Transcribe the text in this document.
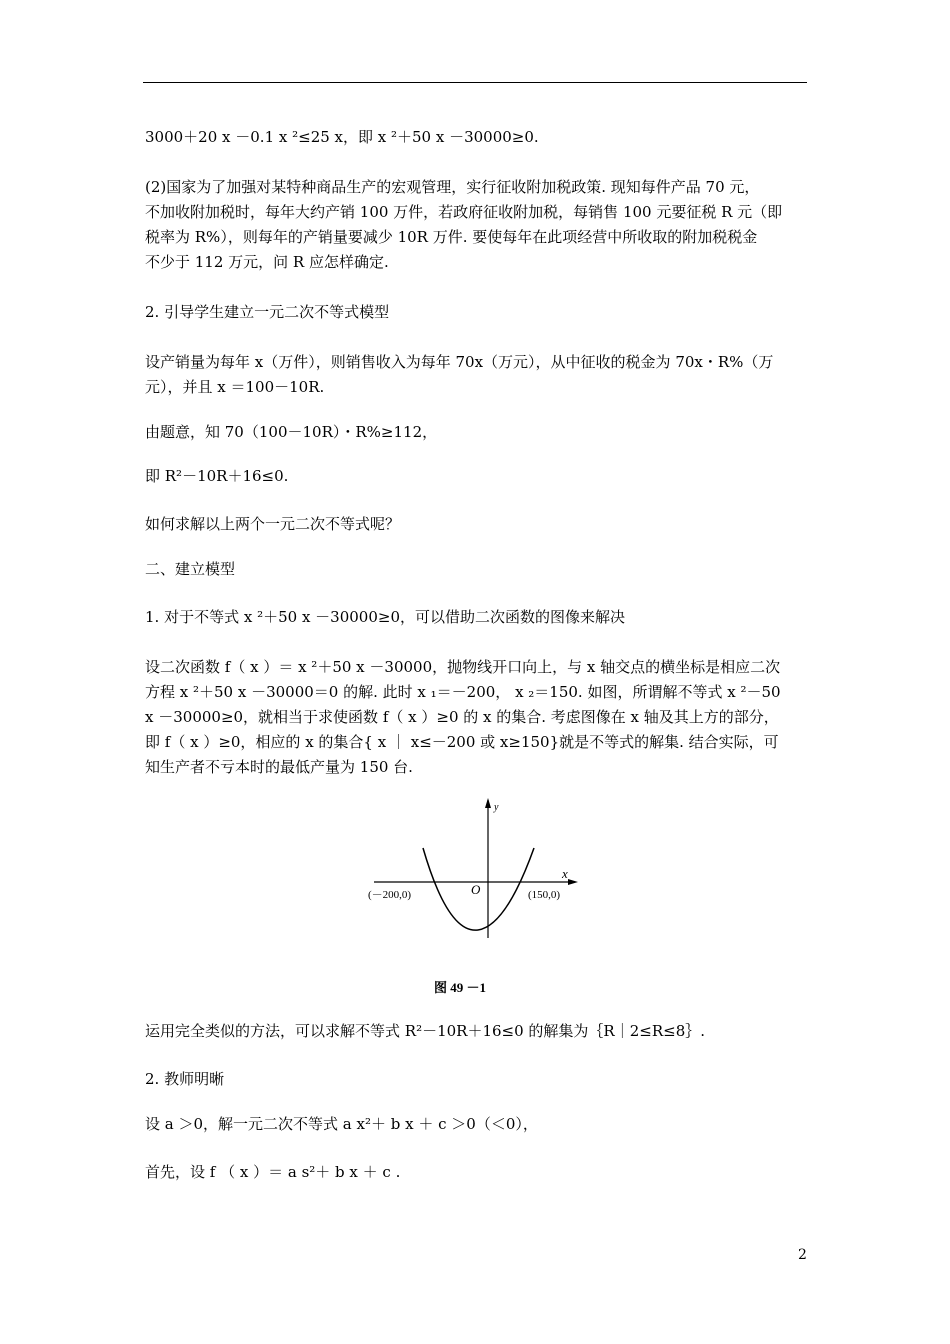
3000＋20 x －0.1 x ²≤25 x，即 x ²＋50 x －30000≥0.
(2)国家为了加强对某特种商品生产的宏观管理，实行征收附加税政策. 现知每件产品 70 元，
不加收附加税时，每年大约产销 100 万件，若政府征收附加税，每销售 100 元要征税 R 元（即
税率为 R%），则每年的产销量要减少 10R 万件. 要使每年在此项经营中所收取的附加税税金
不少于 112 万元，问 R 应怎样确定.
2. 引导学生建立一元二次不等式模型
设产销量为每年 x（万件），则销售收入为每年 70x（万元），从中征收的税金为 70x・R%（万
元），并且 x ＝100－10R.
由题意，知 70（100－10R）・R%≥112，
即 R²－10R＋16≤0.
如何求解以上两个一元二次不等式呢？
二、建立模型
1. 对于不等式 x ²＋50 x －30000≥0，可以借助二次函数的图像来解决
设二次函数 f（ x ）＝ x ²＋50 x －30000，抛物线开口向上，与 x 轴交点的横坐标是相应二次
方程 x ²＋50 x －30000＝0 的解. 此时 x ₁＝－200， x ₂＝150. 如图，所谓解不等式 x ²－50
x －30000≥0，就相当于求使函数 f（ x ）≥0 的 x 的集合. 考虑图像在 x 轴及其上方的部分，
即 f（ x ）≥0，相应的 x 的集合{ x ｜ x≤－200 或 x≥150}就是不等式的解集. 结合实际，可
知生产者不亏本时的最低产量为 150 台.
y
x
O
(－200,0)	(150,0)
图 49 －1
运用完全类似的方法，可以求解不等式 R²－10R＋16≤0 的解集为｛R｜2≤R≤8｝.
2. 教师明晰
设 a ＞0，解一元二次不等式 a x²＋ b x ＋ c ＞0（＜0），
首先，设 f （ x ）＝ a s²＋ b x ＋ c .
2
